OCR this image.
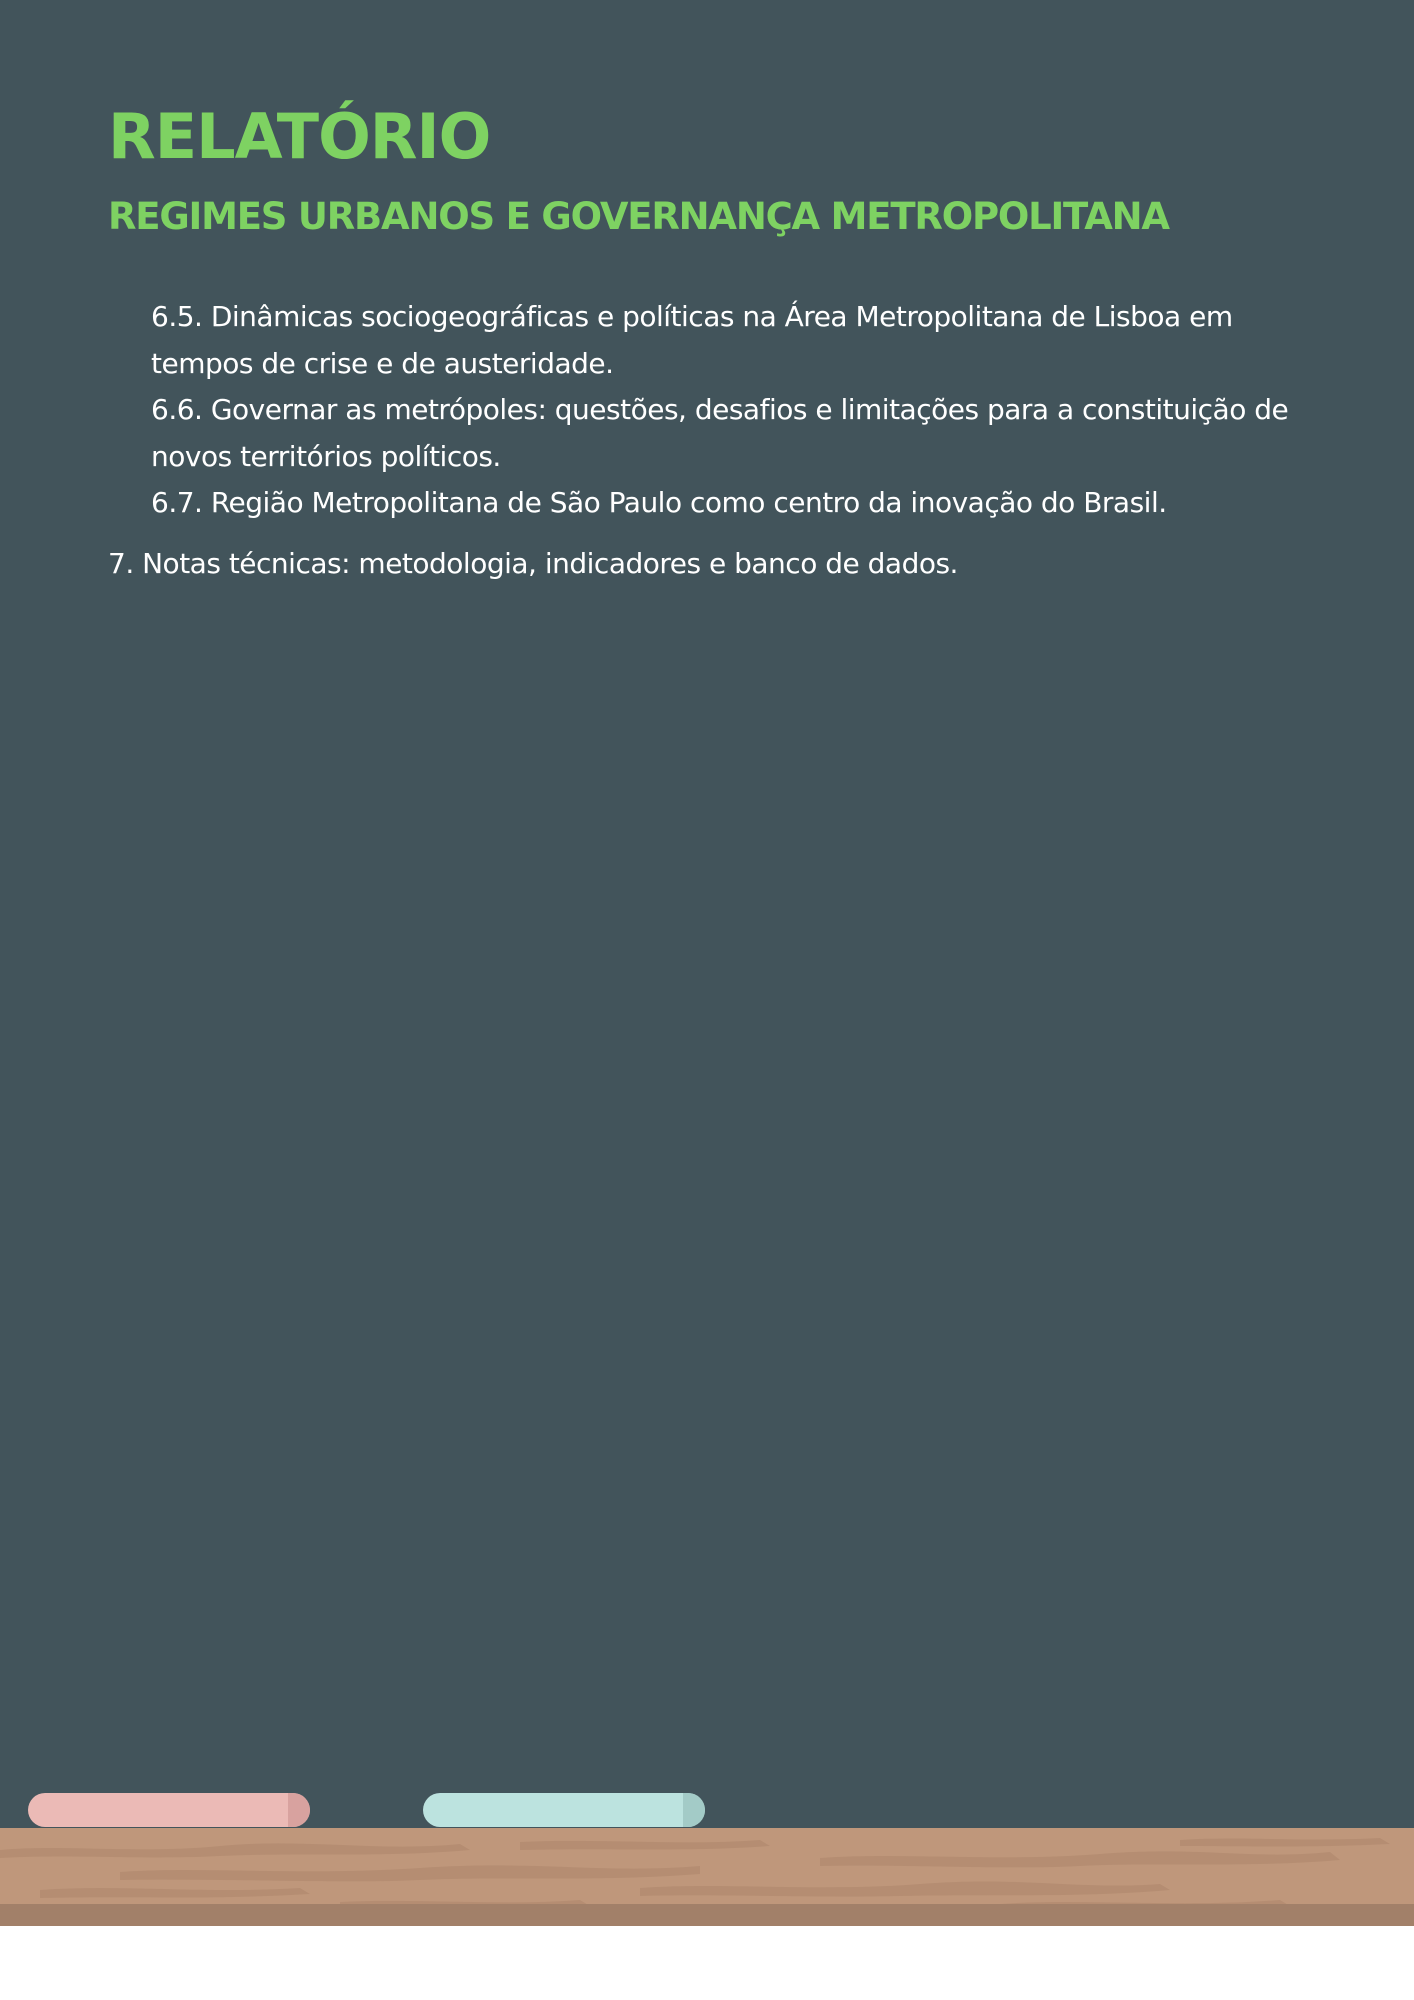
RELATÓRIO
REGIMES URBANOS E GOVERNANÇA METROPOLITANA

6.5. Dinâmicas sociogeográficas e políticas na Área Metropolitana de Lisboa em tempos de crise e de austeridade.

6.6. Governar as metrópoles: questões, desafios e limitações para a constituição de novos territórios políticos.

6.7. Região Metropolitana de São Paulo como centro da inovação do Brasil.

7. Notas técnicas: metodologia, indicadores e banco de dados.
